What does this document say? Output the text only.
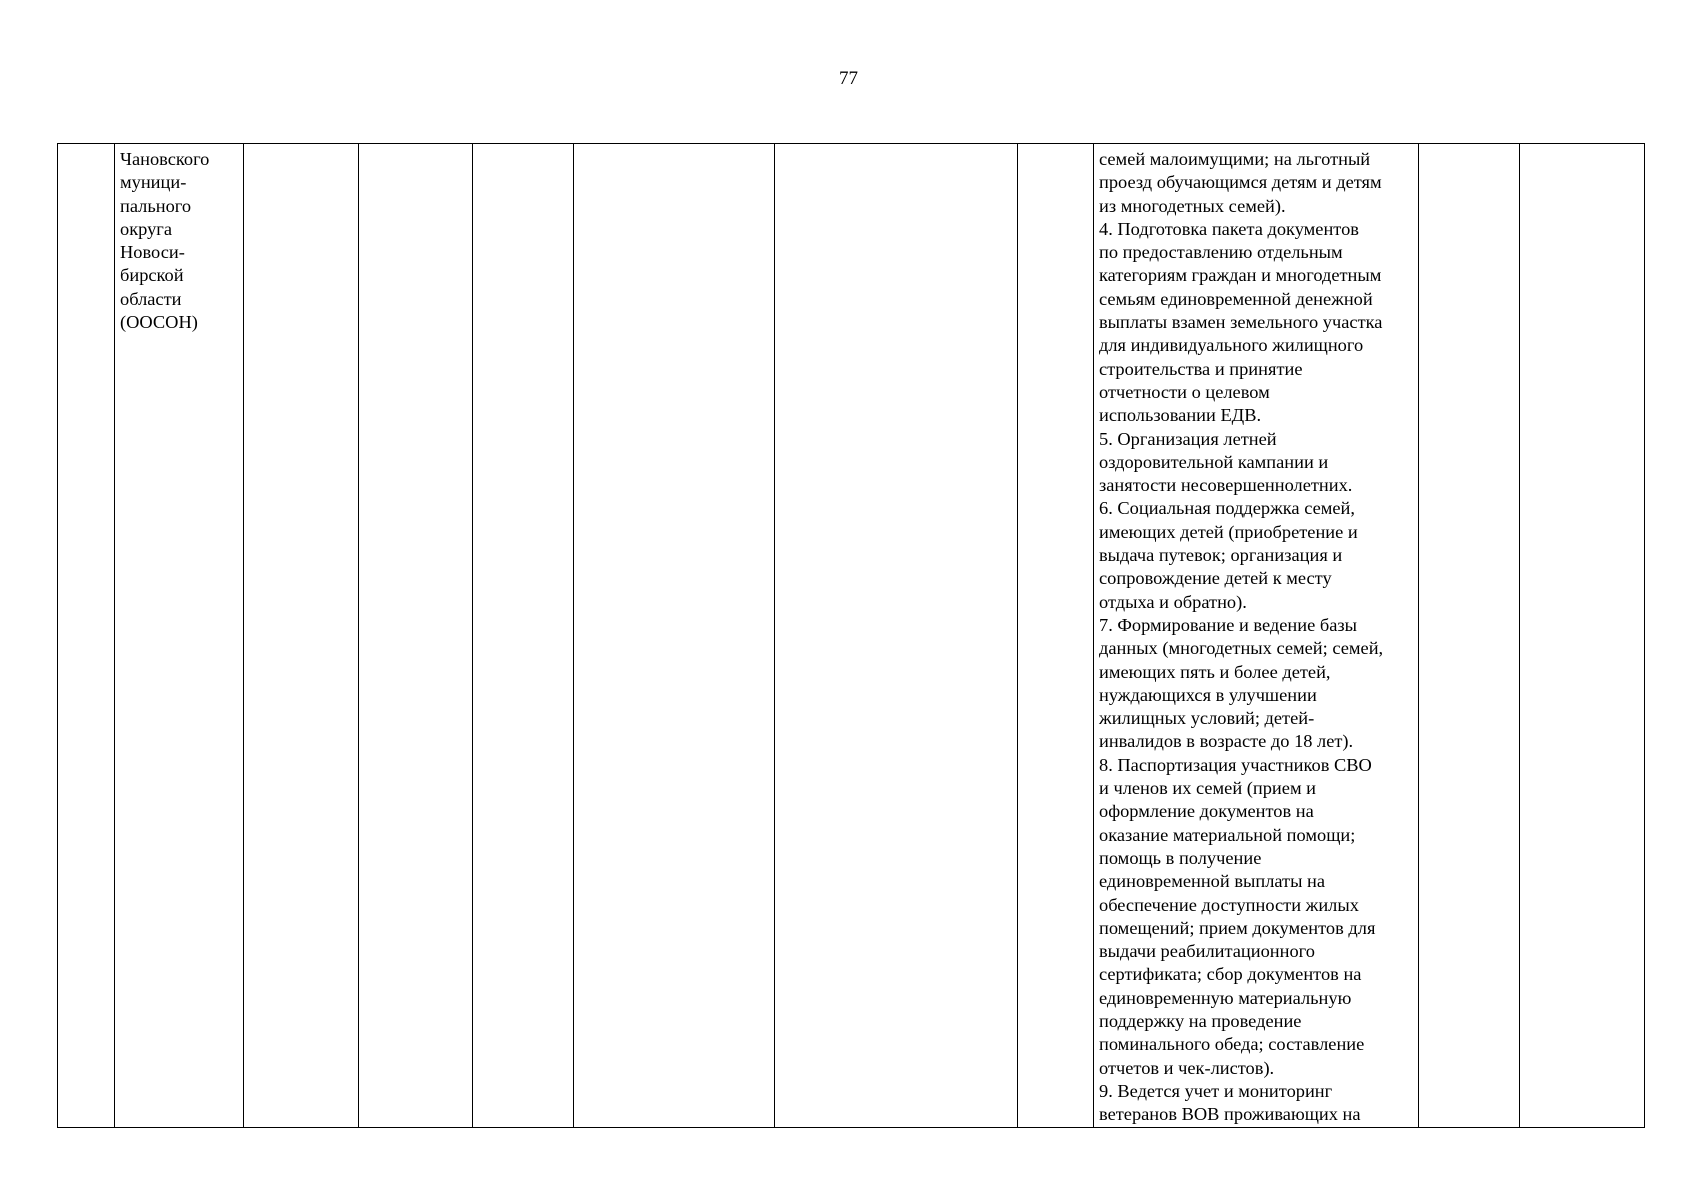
77
	Чановского
муници-
пального
округа
Новоси-
бирской
области
(ООСОН)							семей малоимущими; на льготный
проезд обучающимся детям и детям
из многодетных семей).
4. Подготовка пакета документов
по предоставлению отдельным
категориям граждан и многодетным
семьям единовременной денежной
выплаты взамен земельного участка
для индивидуального жилищного
строительства и принятие
отчетности о целевом
использовании ЕДВ.
5. Организация летней
оздоровительной кампании и
занятости несовершеннолетних.
6. Социальная поддержка семей,
имеющих детей (приобретение и
выдача путевок; организация и
сопровождение детей к месту
отдыха и обратно).
7. Формирование и ведение базы
данных (многодетных семей; семей,
имеющих пять и более детей,
нуждающихся в улучшении
жилищных условий; детей-
инвалидов в возрасте до 18 лет).
8. Паспортизация участников СВО
и членов их семей (прием и
оформление документов на
оказание материальной помощи;
помощь в получение
единовременной выплаты на
обеспечение доступности жилых
помещений; прием документов для
выдачи реабилитационного
сертификата; сбор документов на
единовременную материальную
поддержку на проведение
поминального обеда; составление
отчетов и чек-листов).
9. Ведется учет и мониторинг
ветеранов ВОВ проживающих на		
